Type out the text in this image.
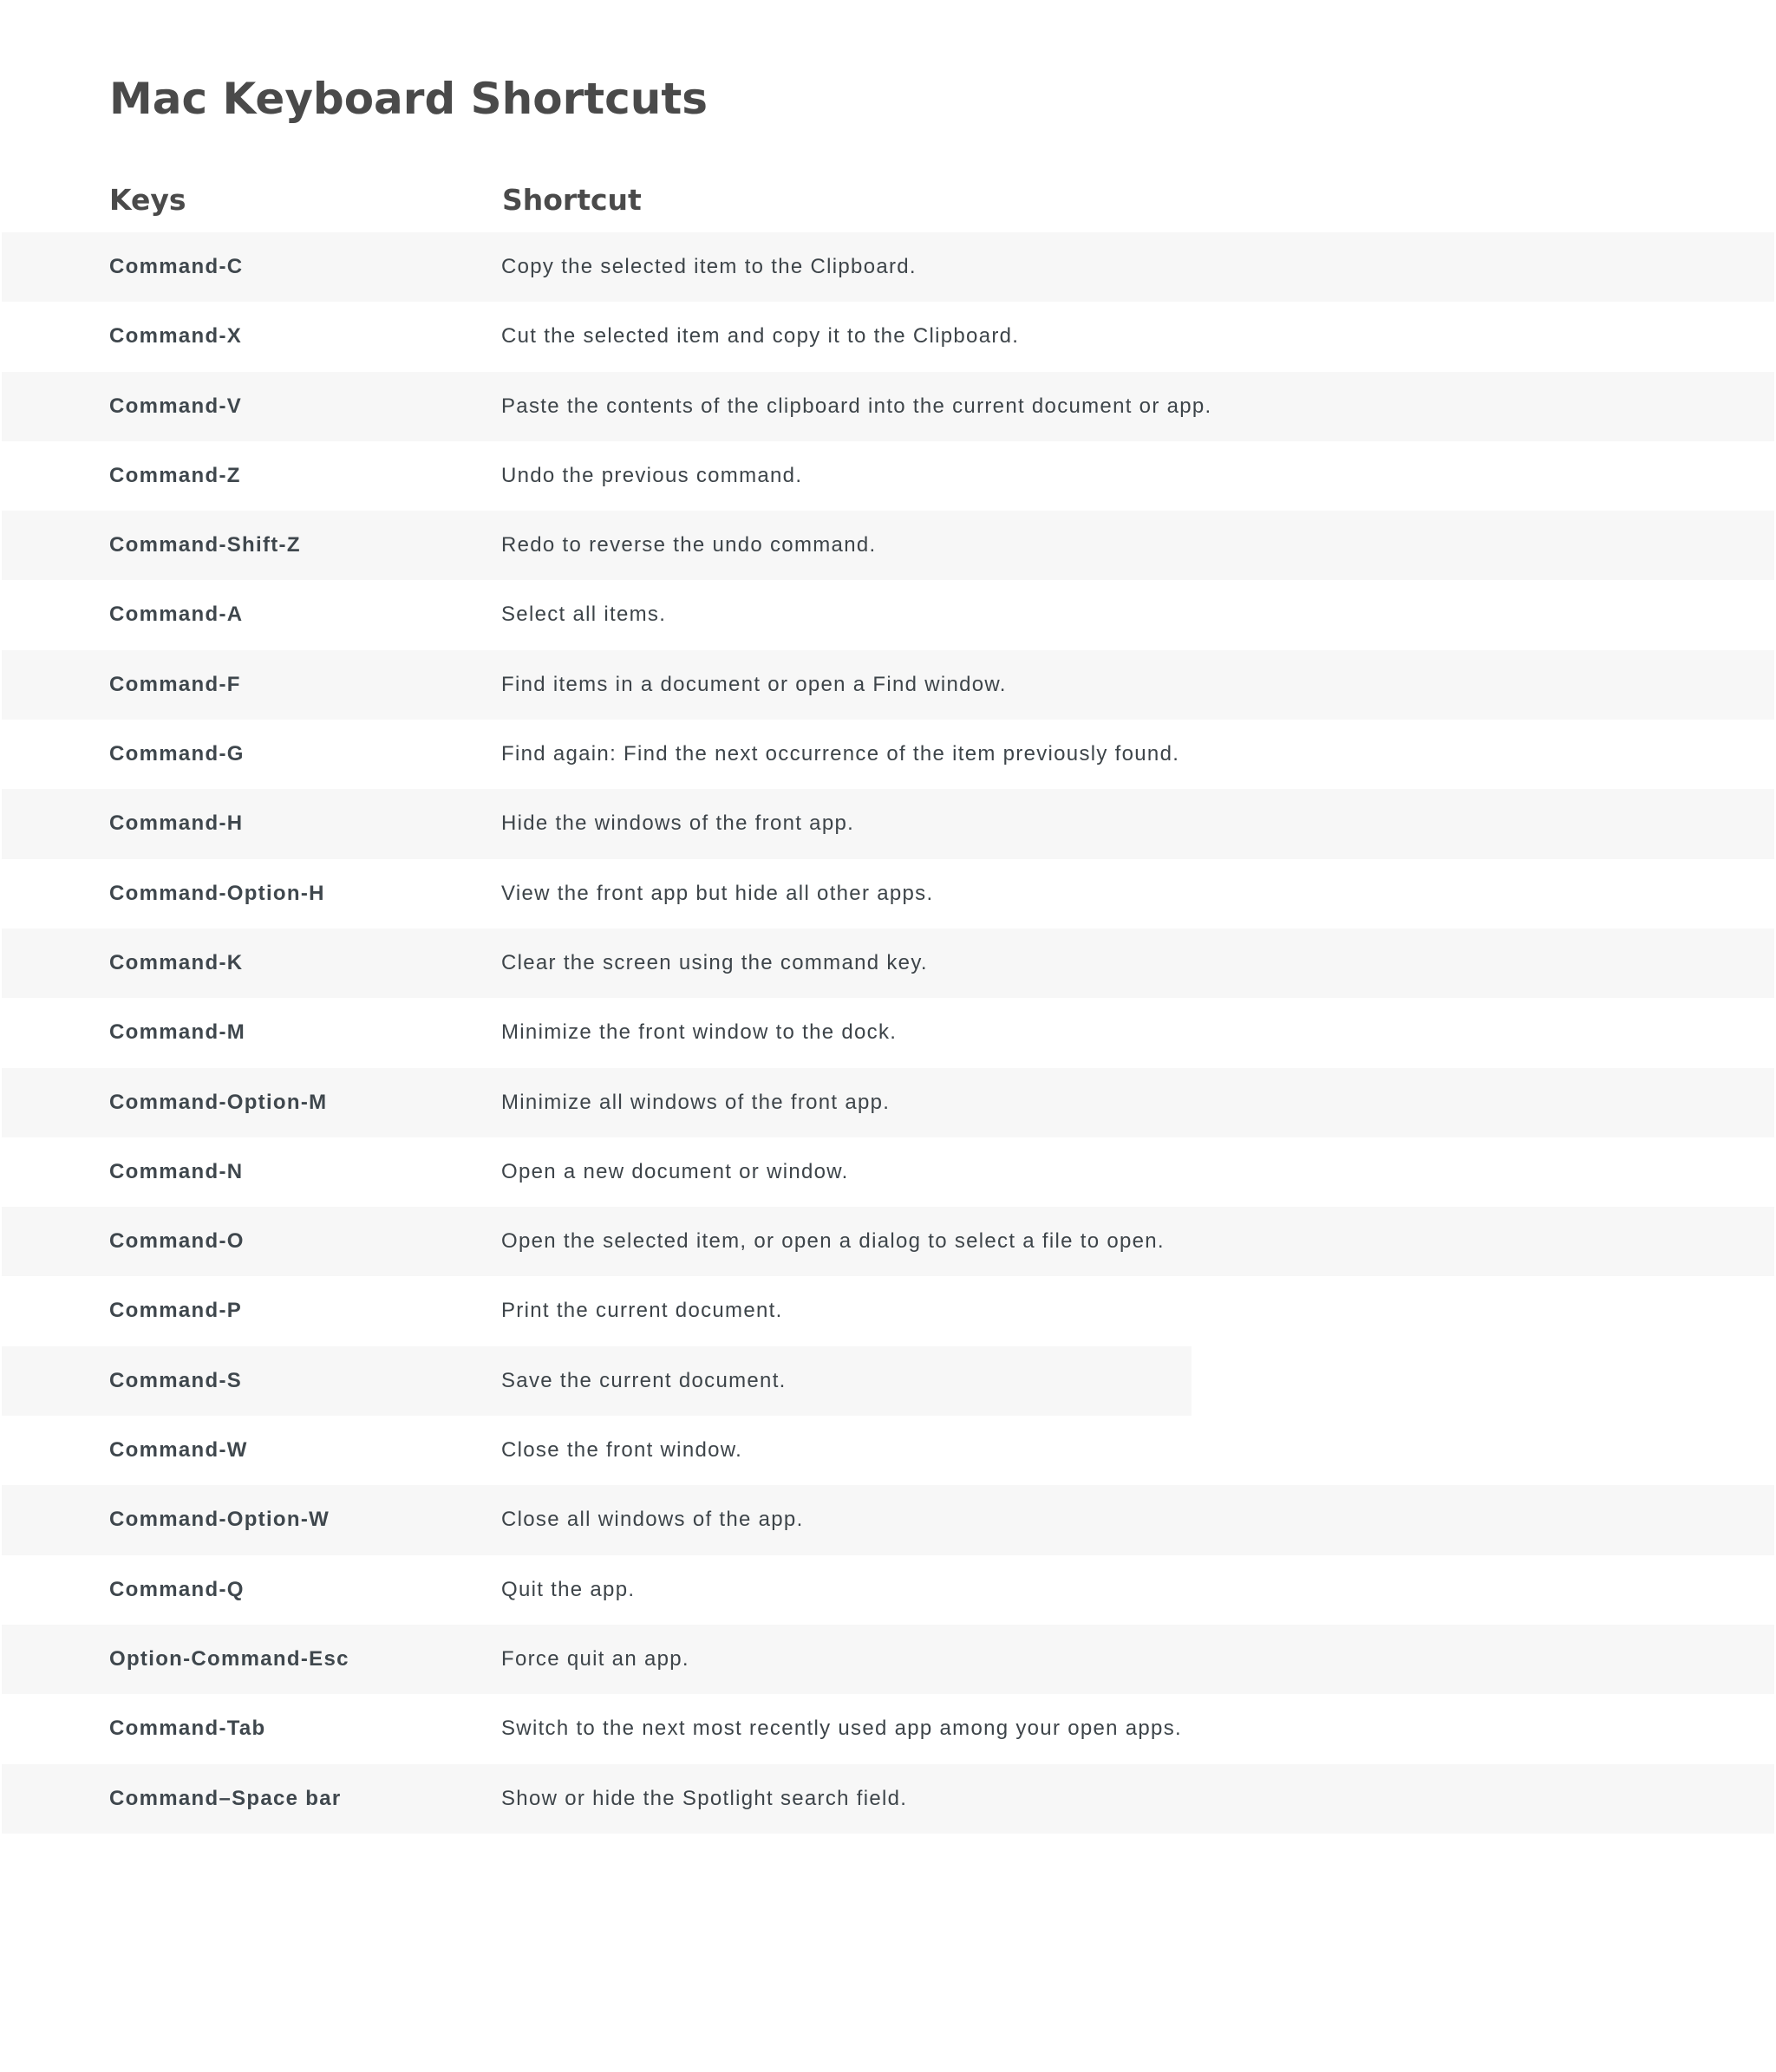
Mac Keyboard Shortcuts
Keys	Shortcut
Command-C	Copy the selected item to the Clipboard.
Command-X	Cut the selected item and copy it to the Clipboard.
Command-V	Paste the contents of the clipboard into the current document or app.
Command-Z	Undo the previous command.
Command-Shift-Z	Redo to reverse the undo command.
Command-A	Select all items.
Command-F	Find items in a document or open a Find window.
Command-G	Find again: Find the next occurrence of the item previously found.
Command-H	Hide the windows of the front app.
Command-Option-H	View the front app but hide all other apps.
Command-K	Clear the screen using the command key.
Command-M	Minimize the front window to the dock.
Command-Option-M	Minimize all windows of the front app.
Command-N	Open a new document or window.
Command-O	Open the selected item, or open a dialog to select a file to open.
Command-P	Print the current document.
Command-S	Save the current document.
Command-W	Close the front window.
Command-Option-W	Close all windows of the app.
Command-Q	Quit the app.
Option-Command-Esc	Force quit an app.
Command-Tab	Switch to the next most recently used app among your open apps.
Command–Space bar	Show or hide the Spotlight search field.
